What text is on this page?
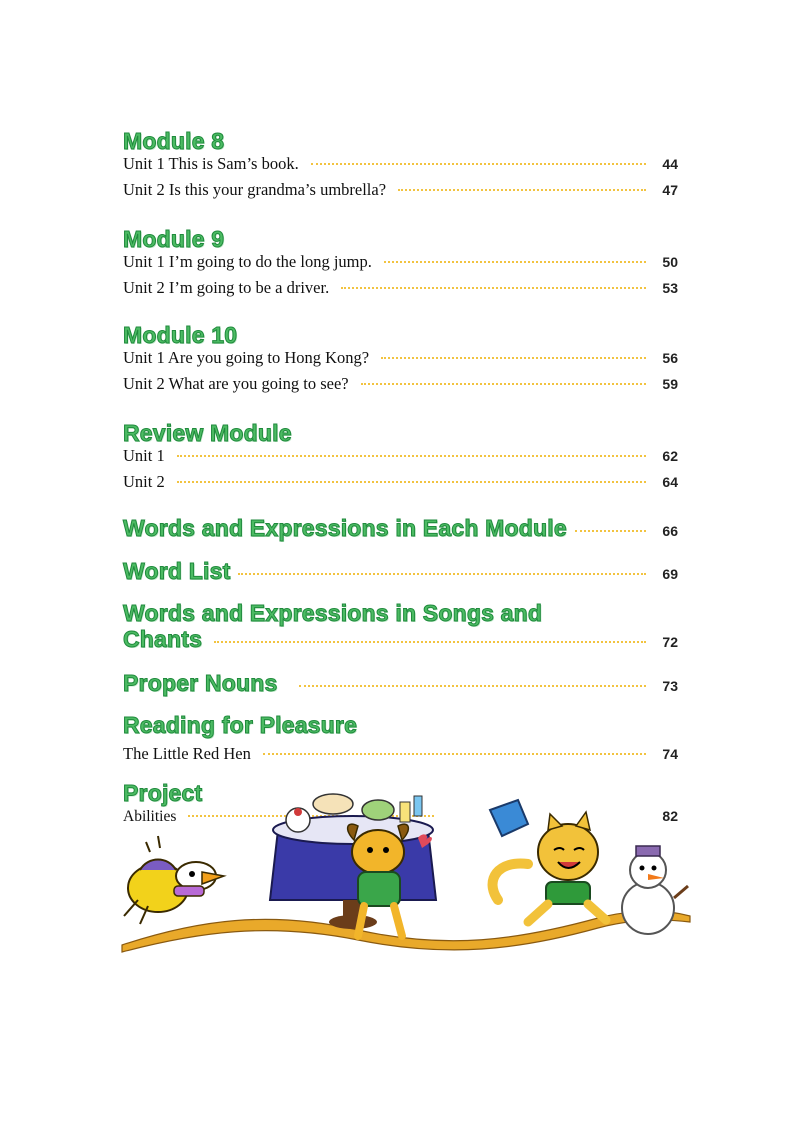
Module 8
Unit 1 This is Sam’s book.	44
Unit 2 Is this your grandma’s umbrella?	47
Module 9
Unit 1 I’m going to do the long jump.	50
Unit 2 I’m going to be a driver.	53
Module 10
Unit 1 Are you going to Hong Kong?	56
Unit 2 What are you going to see?	59
Review Module
Unit 1	62
Unit 2	64
Words and Expressions in Each Module	66
Word List	69
Words and Expressions in Songs and
Chants	72
Proper Nouns	73
Reading for Pleasure
The Little Red Hen	74
Project
Abilities	82
